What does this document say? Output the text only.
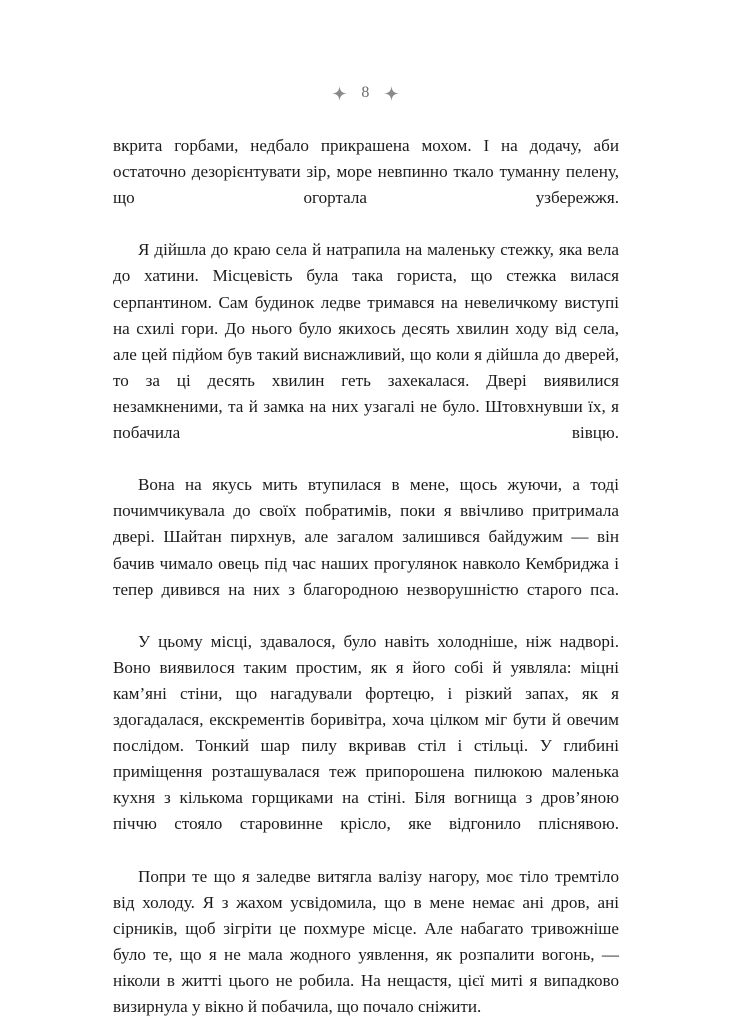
8

вкрита горбами, недбало прикрашена мохом. І на додачу, аби остаточно дезорієнтувати зір, море невпинно ткало туманну пелену, що огортала узбережжя.

Я дійшла до краю села й натрапила на маленьку стежку, яка вела до хатини. Місцевість була така гориста, що стежка вилася серпантином. Сам будинок ледве тримався на невеличкому виступі на схилі гори. До нього було якихось десять хвилин ходу від села, але цей підйом був такий виснажливий, що коли я дійшла до дверей, то за ці десять хвилин геть захекалася. Двері виявилися незамкненими, та й замка на них узагалі не було. Штовхнувши їх, я побачила вівцю.

Вона на якусь мить втупилася в мене, щось жуючи, а тоді почимчикувала до своїх побратимів, поки я ввічливо притримала двері. Шайтан пирхнув, але загалом залишився байдужим — він бачив чимало овець під час наших прогулянок навколо Кембриджа і тепер дивився на них з благородною незворушністю старого пса.

У цьому місці, здавалося, було навіть холодніше, ніж надворі. Воно виявилося таким простим, як я його собі й уявляла: міцні кам’яні стіни, що нагадували фортецю, і різкий запах, як я здогадалася, екскрементів боривітра, хоча цілком міг бути й овечим послідом. Тонкий шар пилу вкривав стіл і стільці. У глибині приміщення розташувалася теж припорошена пилюкою маленька кухня з кількома горщиками на стіні. Біля вогнища з дров’яною піччю стояло старовинне крісло, яке відгонило пліснявою.

Попри те що я заледве витягла валізу нагору, моє тіло тремтіло від холоду. Я з жахом усвідомила, що в мене немає ані дров, ані сірників, щоб зігріти це похмуре місце. Але набагато тривожніше було те, що я не мала жодного уявлення, як розпалити вогонь, — ніколи в житті цього не робила. На нещастя, цієї миті я випадково визирнула у вікно й побачила, що почало сніжити.
